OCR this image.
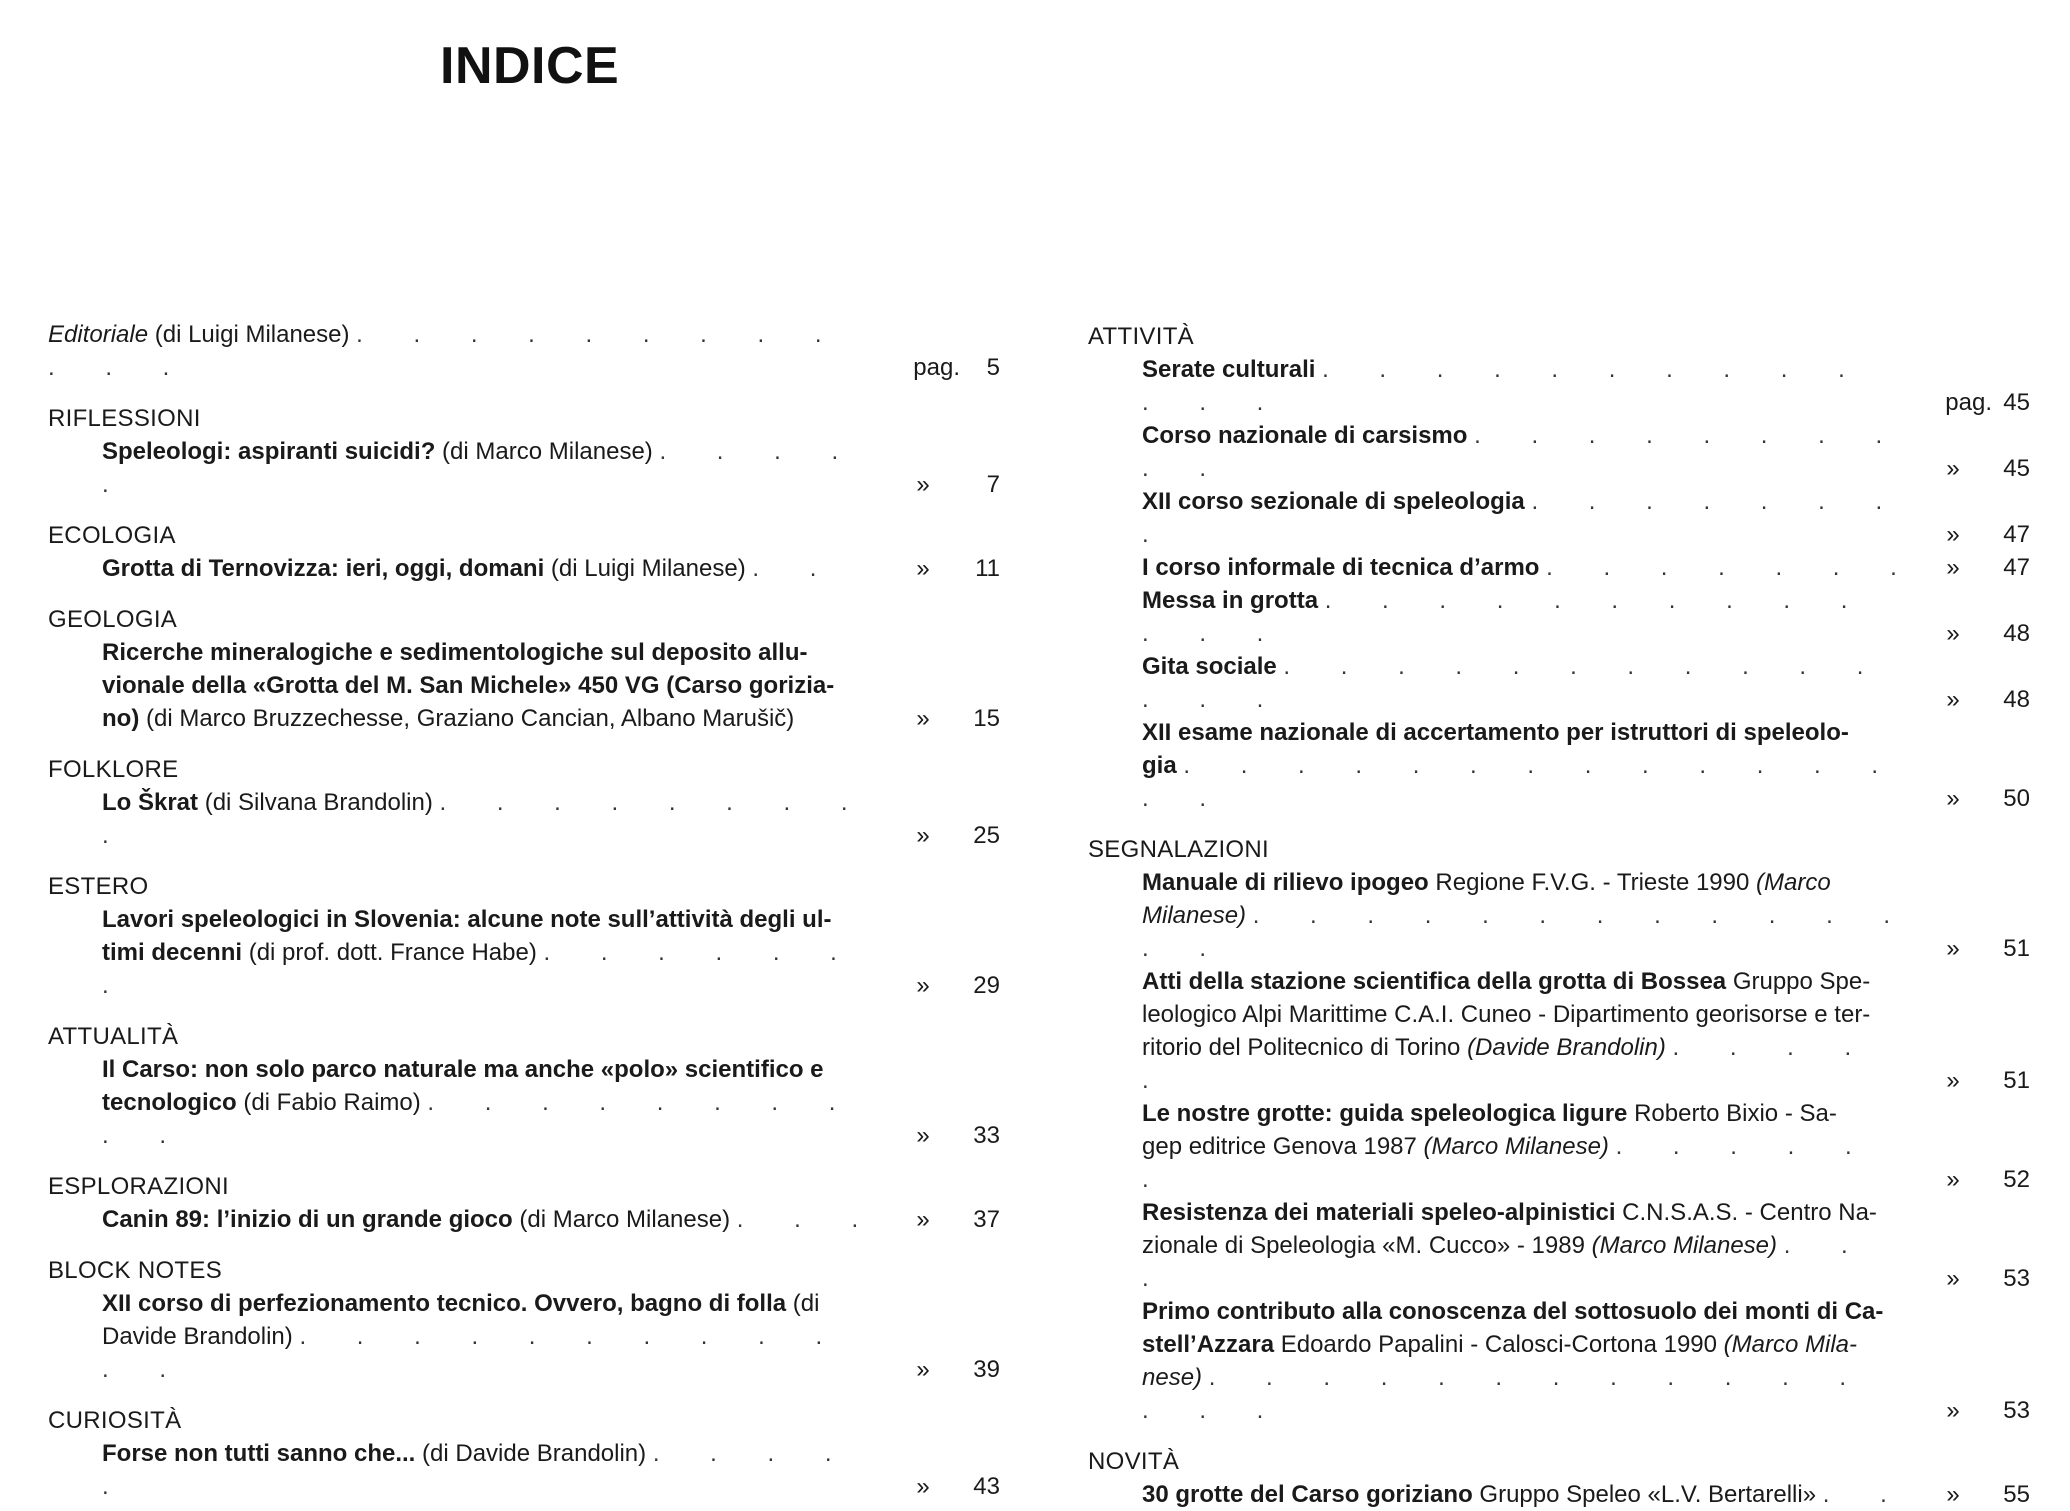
INDICE
Editoriale (di Luigi Milanese) . . . . . . . . . . . .	pag.	5
RIFLESSIONI
Speleologi: aspiranti suicidi? (di Marco Milanese) . . . . .	»	7
ECOLOGIA
Grotta di Ternovizza: ieri, oggi, domani (di Luigi Milanese) . .	»	11
GEOLOGIA
Ricerche mineralogiche e sedimentologiche sul deposito allu-
vionale della «Grotta del M. San Michele» 450 VG (Carso gorizia-
no) (di Marco Bruzzechesse, Graziano Cancian, Albano Marušič)	»	15
FOLKLORE
Lo Škrat (di Silvana Brandolin) . . . . . . . . .	»	25
ESTERO
Lavori speleologici in Slovenia: alcune note sull’attività degli ul-
timi decenni (di prof. dott. France Habe) . . . . . . .	»	29
ATTUALITÀ
Il Carso: non solo parco naturale ma anche «polo» scientifico e
tecnologico (di Fabio Raimo) . . . . . . . . . .	»	33
ESPLORAZIONI
Canin 89: l’inizio di un grande gioco (di Marco Milanese) . . .	»	37
BLOCK NOTES
XII corso di perfezionamento tecnico. Ovvero, bagno di folla (di
Davide Brandolin) . . . . . . . . . . . .	»	39
CURIOSITÀ
Forse non tutti sanno che... (di Davide Brandolin) . . . . .	»	43
ATTIVITÀ
Serate culturali . . . . . . . . . . . . .	pag. 45
Corso nazionale di carsismo . . . . . . . . . .	»	45
XII corso sezionale di speleologia . . . . . . . .	»	47
I corso informale di tecnica d’armo . . . . . . .	»	47
Messa in grotta . . . . . . . . . . . . .	»	48
Gita sociale . . . . . . . . . . . . . .	»	48
XII esame nazionale di accertamento per istruttori di speleolo-
gia . . . . . . . . . . . . . . .	»	50
SEGNALAZIONI
Manuale di rilievo ipogeo Regione F.V.G. - Trieste 1990 (Marco
Milanese) . . . . . . . . . . . . . .	»	51
Atti della stazione scientifica della grotta di Bossea Gruppo Spe-
leologico Alpi Marittime C.A.I. Cuneo - Dipartimento georisorse e ter-
ritorio del Politecnico di Torino (Davide Brandolin) . . . . .	»	51
Le nostre grotte: guida speleologica ligure Roberto Bixio - Sa-
gep editrice Genova 1987 (Marco Milanese) . . . . . .	»	52
Resistenza dei materiali speleo-alpinistici C.N.S.A.S. - Centro Na-
zionale di Speleologia «M. Cucco» - 1989 (Marco Milanese) . . .	»	53
Primo contributo alla conoscenza del sottosuolo dei monti di Ca-
stell’Azzara Edoardo Papalini - Calosci-Cortona 1990 (Marco Mila-
nese) . . . . . . . . . . . . . . .	»	53
NOVITÀ
30 grotte del Carso goriziano Gruppo Speleo «L.V. Bertarelli» . .	»	55
